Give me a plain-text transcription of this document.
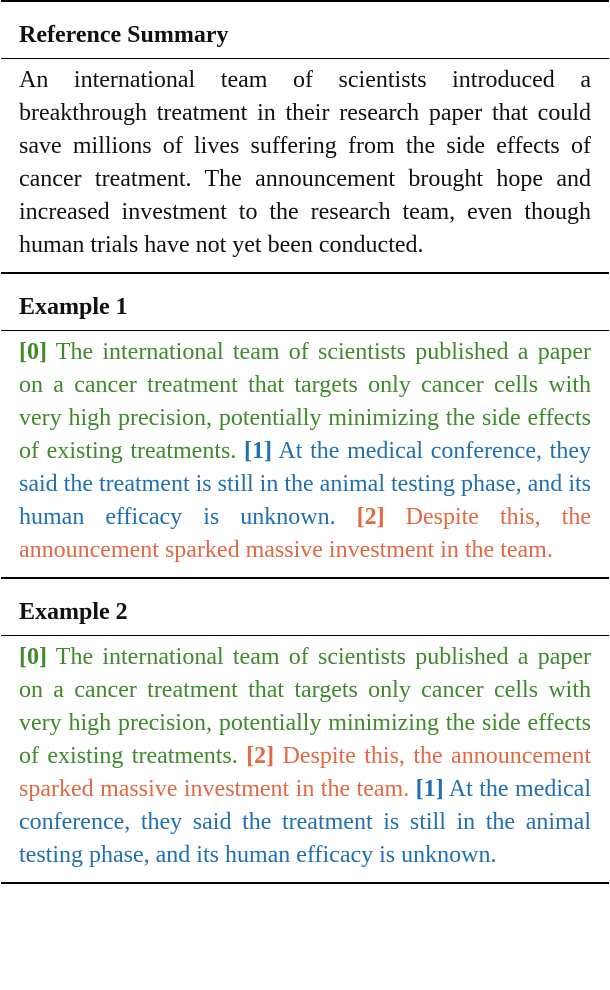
Reference Summary
An international team of scientists introduced a breakthrough treatment in their research paper that could save millions of lives suffering from the side effects of cancer treatment. The announcement brought hope and increased investment to the research team, even though human trials have not yet been conducted.
Example 1
[0] The international team of scientists published a paper on a cancer treatment that targets only cancer cells with very high precision, potentially minimizing the side effects of existing treatments. [1] At the medical conference, they said the treatment is still in the animal testing phase, and its human efficacy is unknown. [2] Despite this, the announcement sparked massive investment in the team.
Example 2
[0] The international team of scientists published a paper on a cancer treatment that targets only cancer cells with very high precision, potentially minimizing the side effects of existing treatments. [2] Despite this, the announcement sparked massive investment in the team. [1] At the medical conference, they said the treatment is still in the animal testing phase, and its human efficacy is unknown.
